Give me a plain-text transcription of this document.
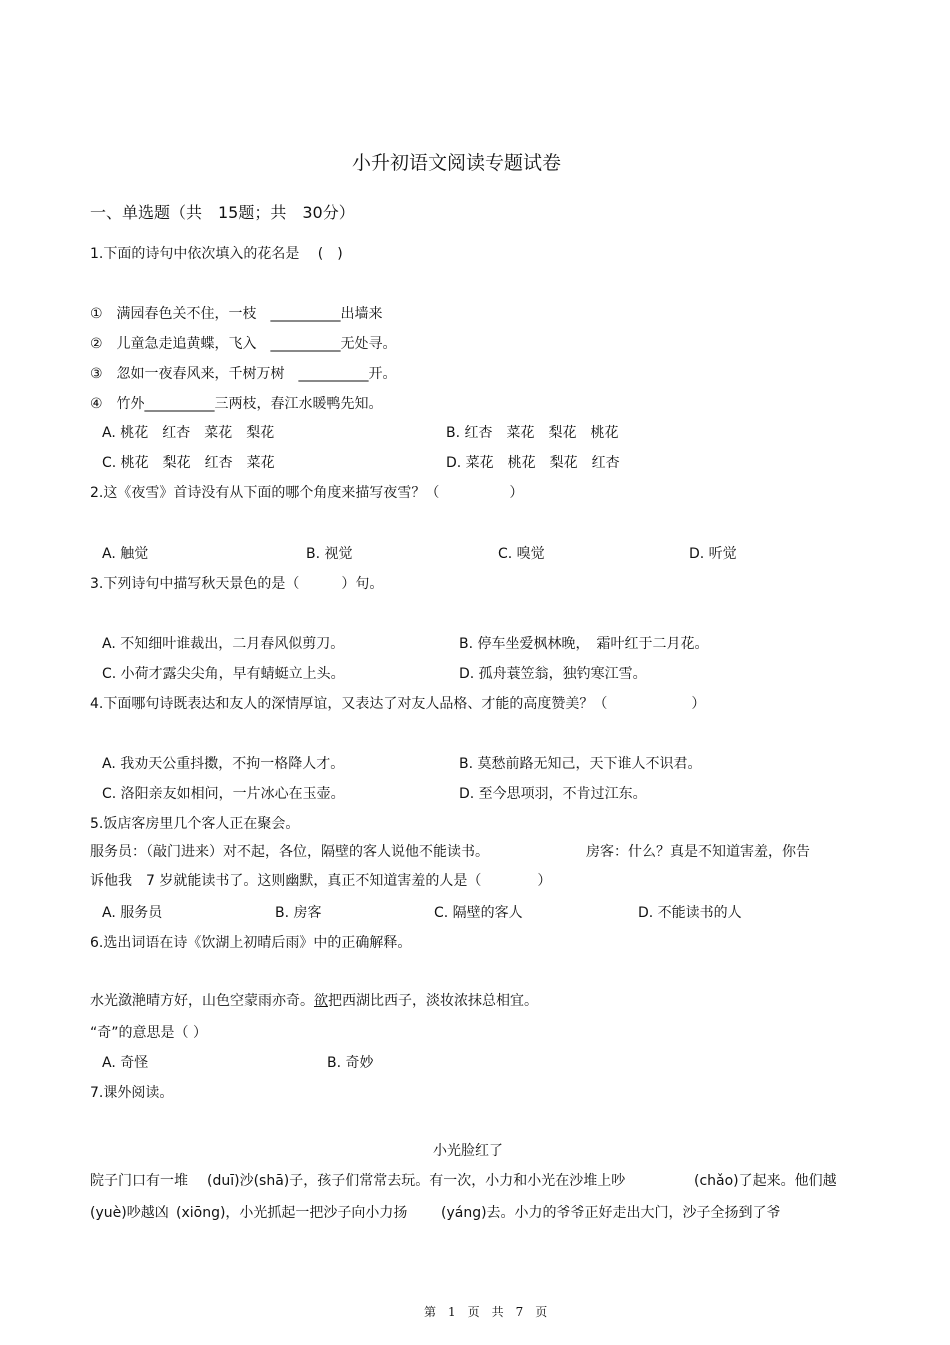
小升初语文阅读专题试卷
一、单选题（共　15题；共　30分）
1.下面的诗句中依次填入的花名是　 (　)
①　满园春色关不住，一枝　__________出墙来
②　儿童急走追黄蝶，飞入　__________无处寻。
③　忽如一夜春风来，千树万树　__________开。
④　竹外__________三两枝，春江水暖鸭先知。
A. 桃花　红杏　菜花　梨花	B. 红杏　菜花　梨花　桃花
C. 桃花　梨花　红杏　菜花	D. 菜花　桃花　梨花　红杏
2.这《夜雪》首诗没有从下面的哪个角度来描写夜雪？（　　　　　）
A. 触觉	B. 视觉	C. 嗅觉	D. 听觉
3.下列诗句中描写秋天景色的是（　　　）句。
A. 不知细叶谁裁出，二月春风似剪刀。	B. 停车坐爱枫林晚，　霜叶红于二月花。
C. 小荷才露尖尖角，早有蜻蜓立上头。	D. 孤舟蓑笠翁，独钓寒江雪。
4.下面哪句诗既表达和友人的深情厚谊，又表达了对友人品格、才能的高度赞美？（　　　　　　）
A. 我劝天公重抖擞，不拘一格降人才。	B. 莫愁前路无知己，天下谁人不识君。
C. 洛阳亲友如相问，一片冰心在玉壶。	D. 至今思项羽，不肯过江东。
5.饭店客房里几个客人正在聚会。
服务员：（敲门进来）对不起，各位，隔壁的客人说他不能读书。	房客：什么？真是不知道害羞，你告
诉他我　7 岁就能读书了。这则幽默，真正不知道害羞的人是（　　　　）
A. 服务员	B. 房客	C. 隔壁的客人	D. 不能读书的人
6.选出词语在诗《饮湖上初晴后雨》中的正确解释。
水光潋滟晴方好，山色空蒙雨亦奇。欲把西湖比西子，淡妆浓抹总相宜。
“奇”的意思是（ ）
A. 奇怪	B. 奇妙
7.课外阅读。
小光脸红了
院子门口有一堆 (duī)沙(shā)子，孩子们常常去玩。有一次，小力和小光在沙堆上吵	(chǎo)了起来。他们越
(yuè)吵越凶 (xiōng)，小光抓起一把沙子向小力扬 (yáng)去。小力的爷爷正好走出大门，沙子全扬到了爷
第　1　页　共　7　页
